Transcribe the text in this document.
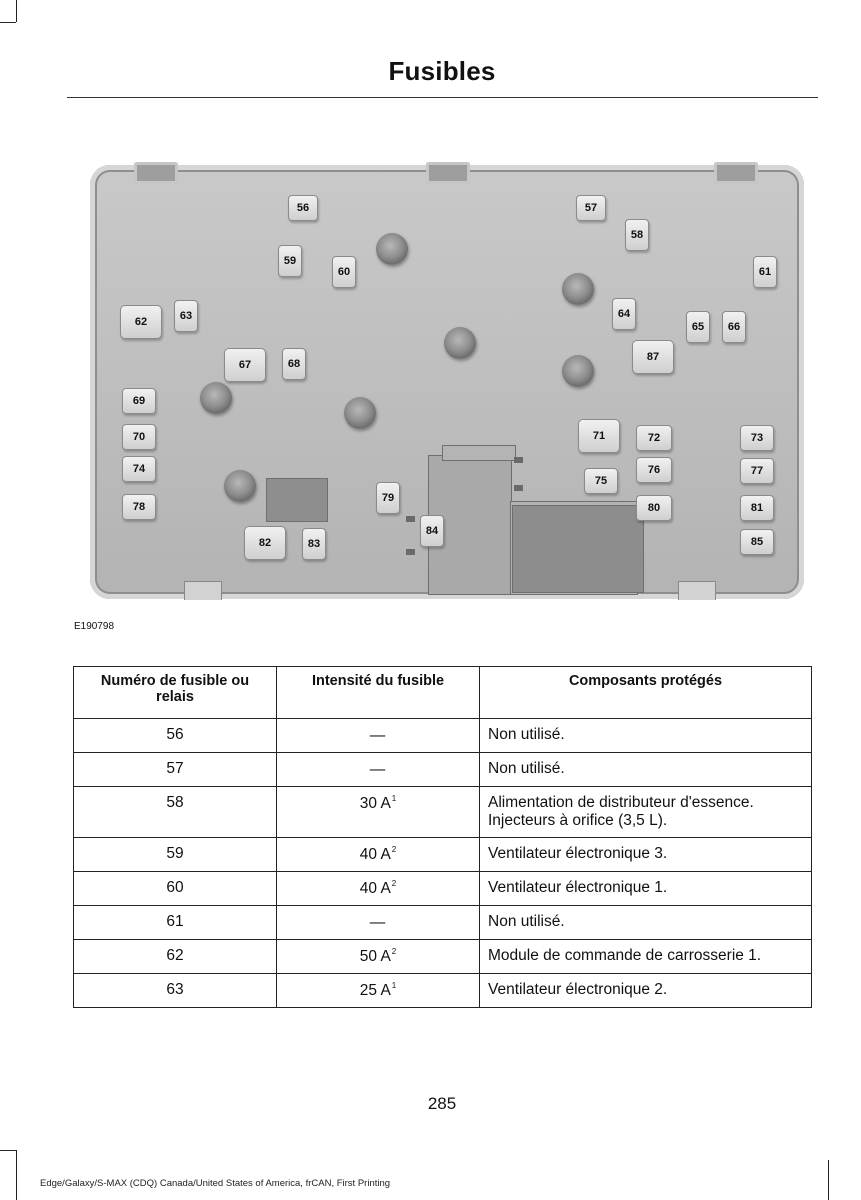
Fusibles
56	57
58
59
60	61
62	63	64
65	66
67	68
69
70	71	72	73
74
75
76	77
78
79
80	81
82	83
84
85
87
E190798
Numéro de fusible ou relais	Intensité du fusible	Composants protégés
56	—	Non utilisé.
57	—	Non utilisé.
58	30 $A^1$	Alimentation de distributeur d'essence. Injecteurs à orifice (3,5 L).
59	40 $A^2$	Ventilateur électronique 3.
60	40 $A^2$	Ventilateur électronique 1.
61	—	Non utilisé.
62	50 $A^2$	Module de commande de carrosserie 1.
63	25 $A^1$	Ventilateur électronique 2.
285
Edge/Galaxy/S-MAX (CDQ) Canada/United States of America, frCAN, First Printing
